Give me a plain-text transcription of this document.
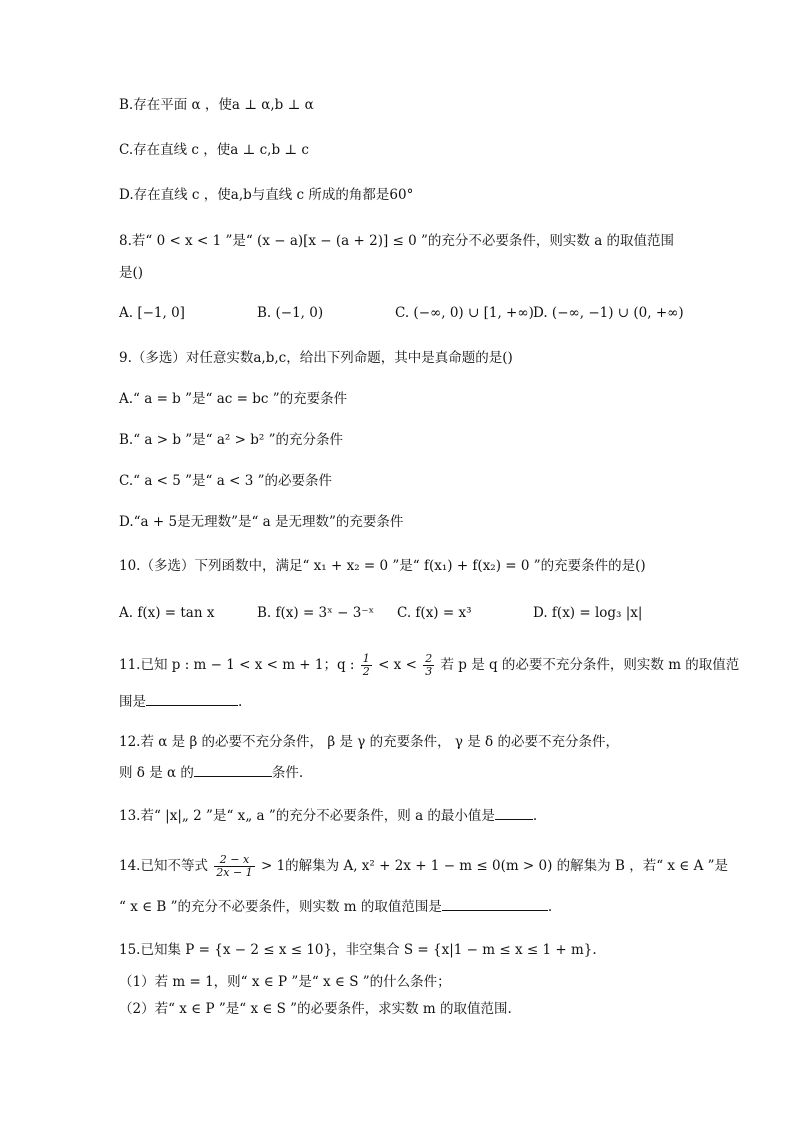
B.存在平面 α ，使a ⊥ α,b ⊥ α
C.存在直线 c ，使a ⊥ c,b ⊥ c
D.存在直线 c ，使a,b与直线 c 所成的角都是60°
8.若“ 0 < x < 1 ”是“ (x − a)[x − (a + 2)] ≤ 0 ”的充分不必要条件，则实数 a 的取值范围
是()
A. [−1, 0]	B. (−1, 0)	C. (−∞, 0) ∪ [1, +∞) D. (−∞, −1) ∪ (0, +∞)
9.（多选）对任意实数a,b,c，给出下列命题，其中是真命题的是()
A.“ a = b ”是“ ac = bc ”的充要条件
B.“ a > b ”是“ a² > b² ”的充分条件
C.“ a < 5 ”是“ a < 3 ”的必要条件
D.“a + 5是无理数”是“ a 是无理数”的充要条件
10.（多选）下列函数中，满足“ x₁ + x₂ = 0 ”是“ f(x₁) + f(x₂) = 0 ”的充要条件的是()
A. f(x) = tan x	B. f(x) = 3ˣ − 3⁻ˣ C. f(x) = x³	D. f(x) = log₃ |x|
11.已知 p : m − 1 < x < m + 1；q : $\frac{1}{2} < x < \frac{2}{3}$ 若 p 是 q 的必要不充分条件，则实数 m 的取值范
围是	.
12.若 α 是 β 的必要不充分条件， β 是 γ 的充要条件， γ 是 δ 的必要不充分条件，
则 δ 是 α 的	条件.
13.若“ |x|„ 2 ”是“ x„ a ”的充分不必要条件，则 a 的最小值是	.
14.已知不等式 $\frac{2 - x}{2x - 1} > 1$的解集为 A, x² + 2x + 1 − m ≤ 0(m > 0) 的解集为 B ，若“ x ∈ A ”是
“ x ∈ B ”的充分不必要条件，则实数 m 的取值范围是	.
15.已知集 P = {x − 2 ≤ x ≤ 10}，非空集合 S = {x|1 − m ≤ x ≤ 1 + m}.
（1）若 m = 1，则“ x ∈ P ”是“ x ∈ S ”的什么条件；
（2）若“ x ∈ P ”是“ x ∈ S ”的必要条件，求实数 m 的取值范围.
